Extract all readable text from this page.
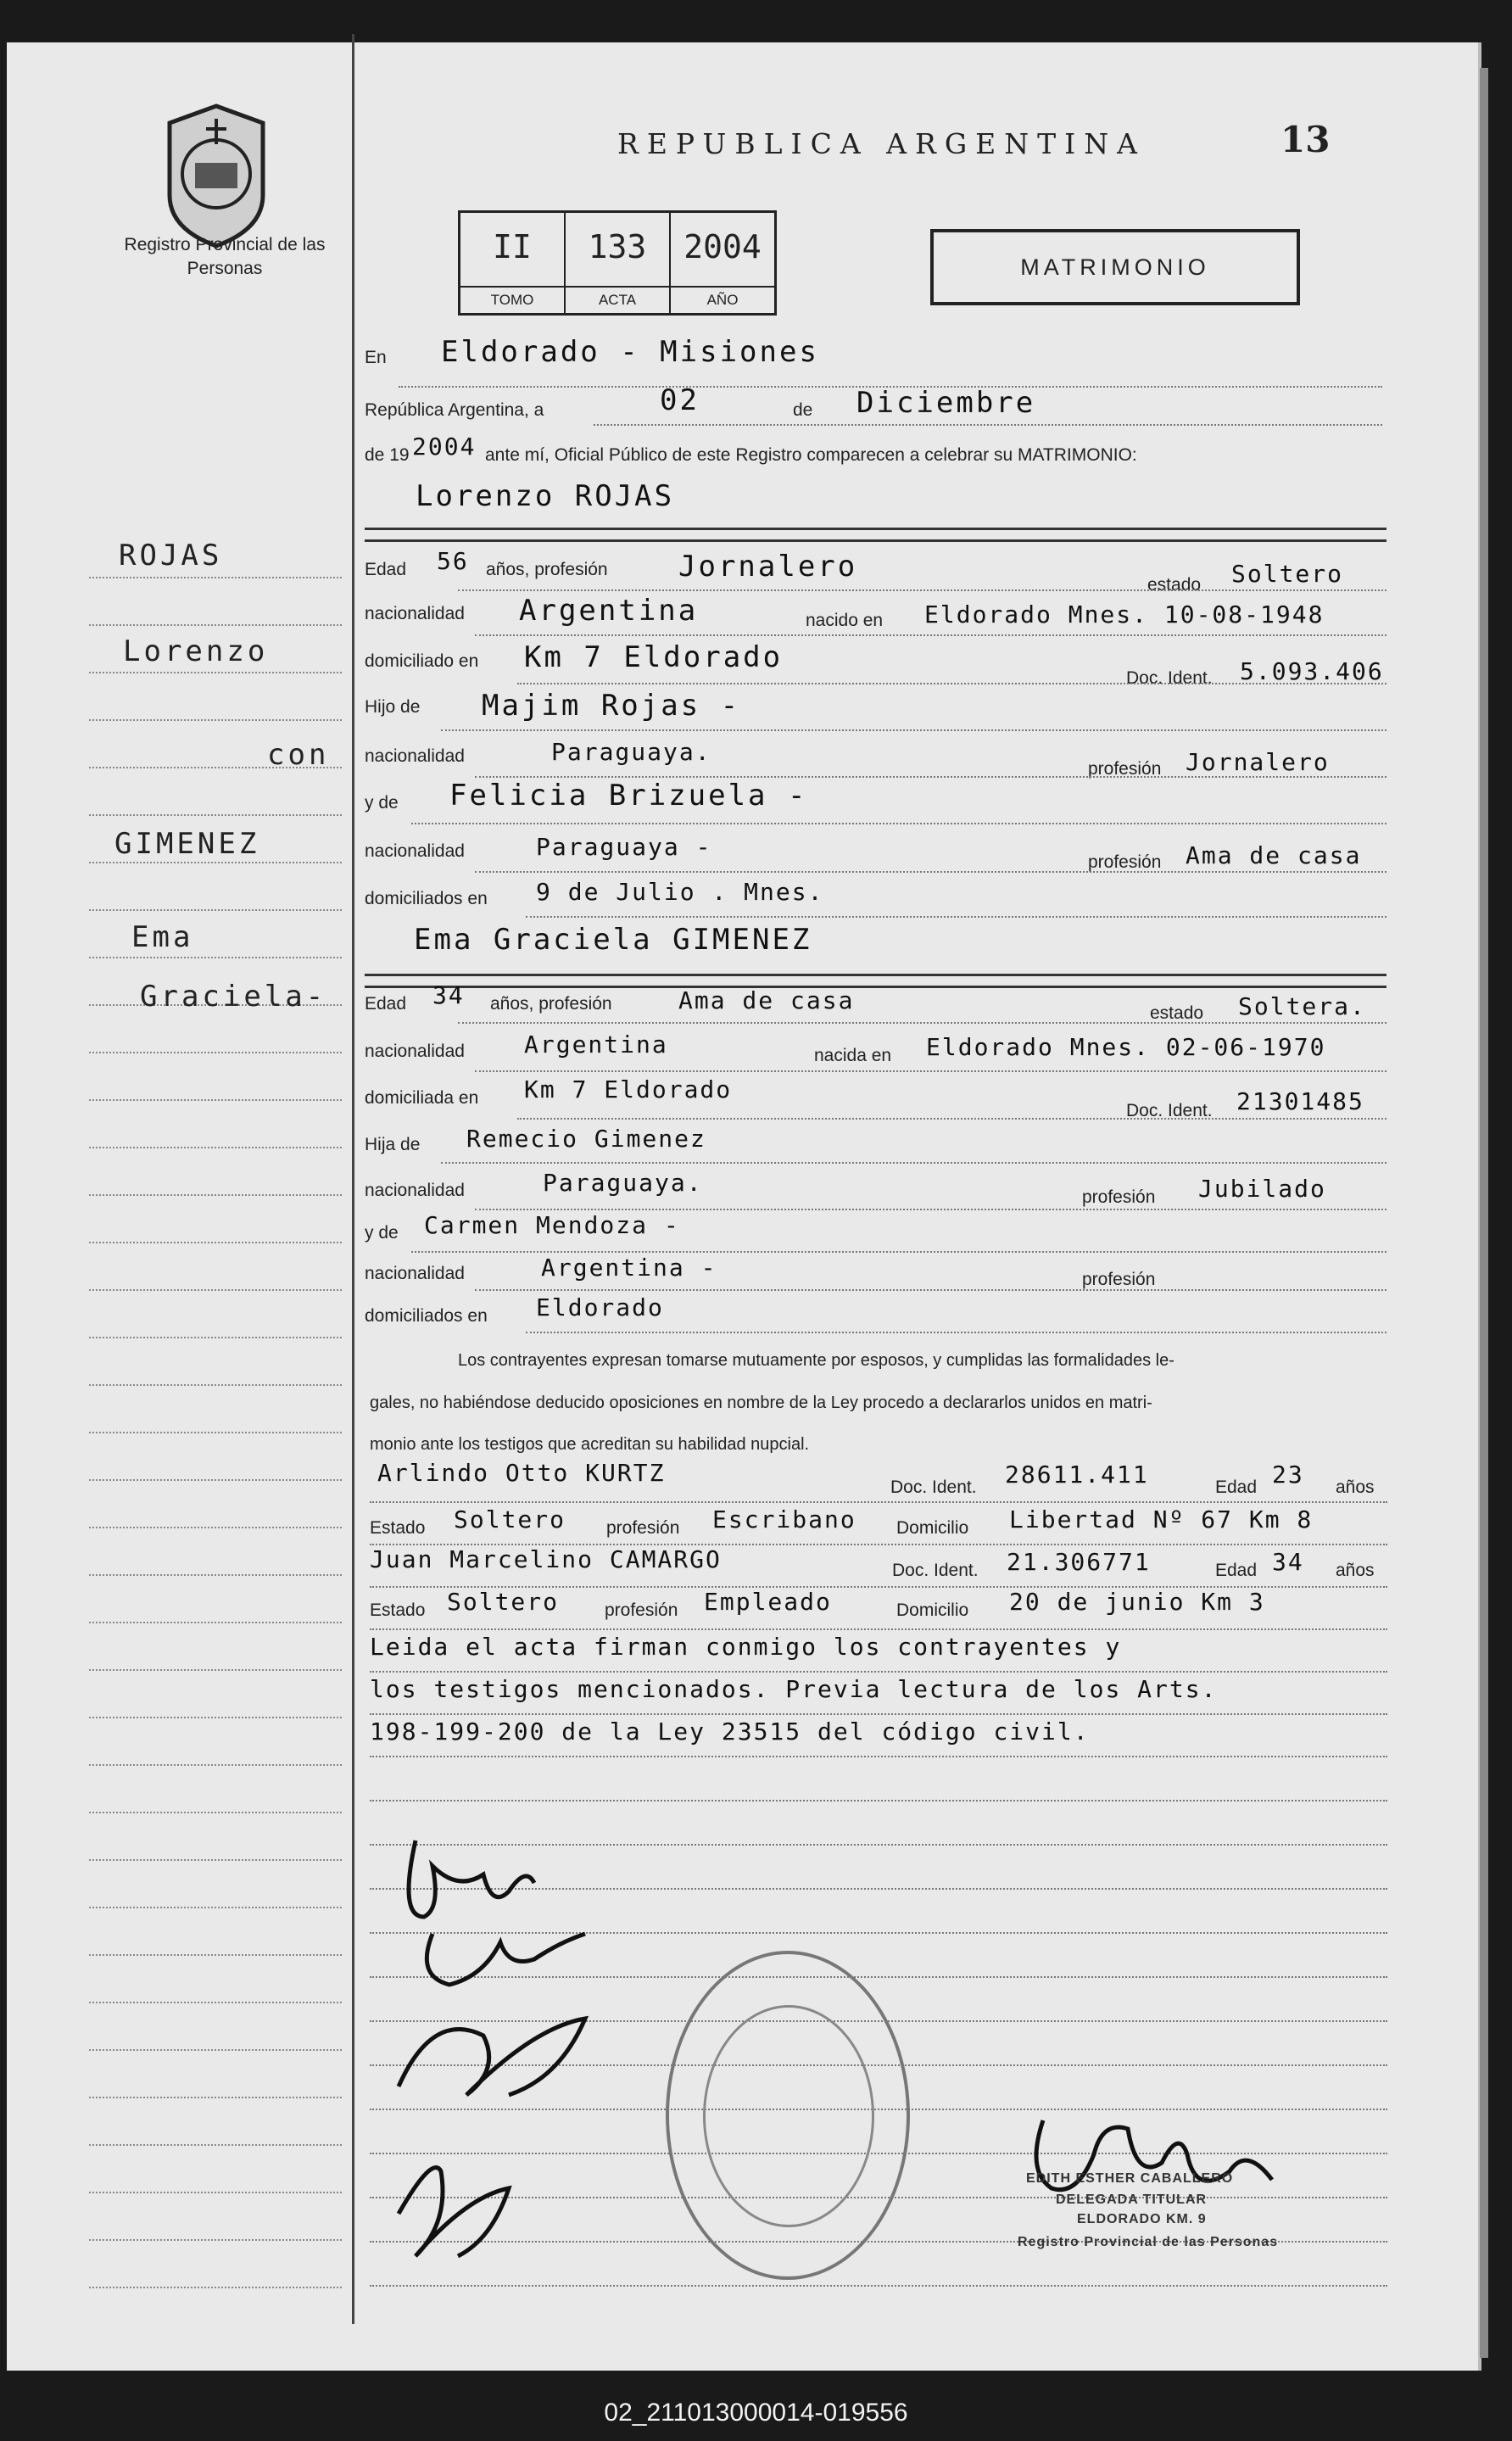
Registro Provincial de las Personas
REPUBLICA ARGENTINA	13
II
TOMO
133
ACTA
2004
AÑO
MATRIMONIO
ROJAS
Lorenzo
con
GIMENEZ
Ema
Graciela-
En Eldorado - Misiones
República Argentina, a	02	de Diciembre
de 19 2004 ante mí, Oficial Público de este Registro comparecen a celebrar su MATRIMONIO:
Lorenzo ROJAS
Edad 56 años, profesión Jornalero
estado Soltero
nacionalidad Argentina	nacido en Eldorado Mnes. 10-08-1948
domiciliado en Km 7 Eldorado
Doc. Ident. 5.093.406
Hijo de Majim Rojas -
nacionalidad	Paraguaya.
profesión Jornalero
y de Felicia Brizuela -
nacionalidad	Paraguaya -
profesión Ama de casa
domiciliados en 9 de Julio . Mnes.
Ema Graciela GIMENEZ
Edad 34 años, profesión	Ama de casa	estado Soltera.
nacionalidad	Argentina	nacida en Eldorado Mnes. 02-06-1970
domiciliada en Km 7 Eldorado
Doc. Ident. 21301485
Hija de Remecio Gimenez
nacionalidad	Paraguaya.
profesión Jubilado
y de Carmen Mendoza -
nacionalidad	Argentina -	profesión
domiciliados en Eldorado
Los contrayentes expresan tomarse mutuamente por esposos, y cumplidas las formalidades le-
gales, no habiéndose deducido oposiciones en nombre de la Ley procedo a declararlos unidos en matri-
monio ante los testigos que acreditan su habilidad nupcial.
Arlindo Otto KURTZ
Doc. Ident. 28611.411	Edad 23 años
Estado Soltero profesión Escribano Domicilio Libertad Nº 67 Km 8
Juan Marcelino CAMARGO	Doc. Ident. 21.306771	Edad 34 años
Estado Soltero	profesión Empleado	Domicilio 20 de junio Km 3
Leida el acta firman conmigo los contrayentes y
los testigos mencionados. Previa lectura de los Arts.
198-199-200 de la Ley 23515 del código civil.
EDITH ESTHER CABALLERO
DELEGADA TITULAR
ELDORADO KM. 9
Registro Provincial de las Personas
02_211013000014-019556
